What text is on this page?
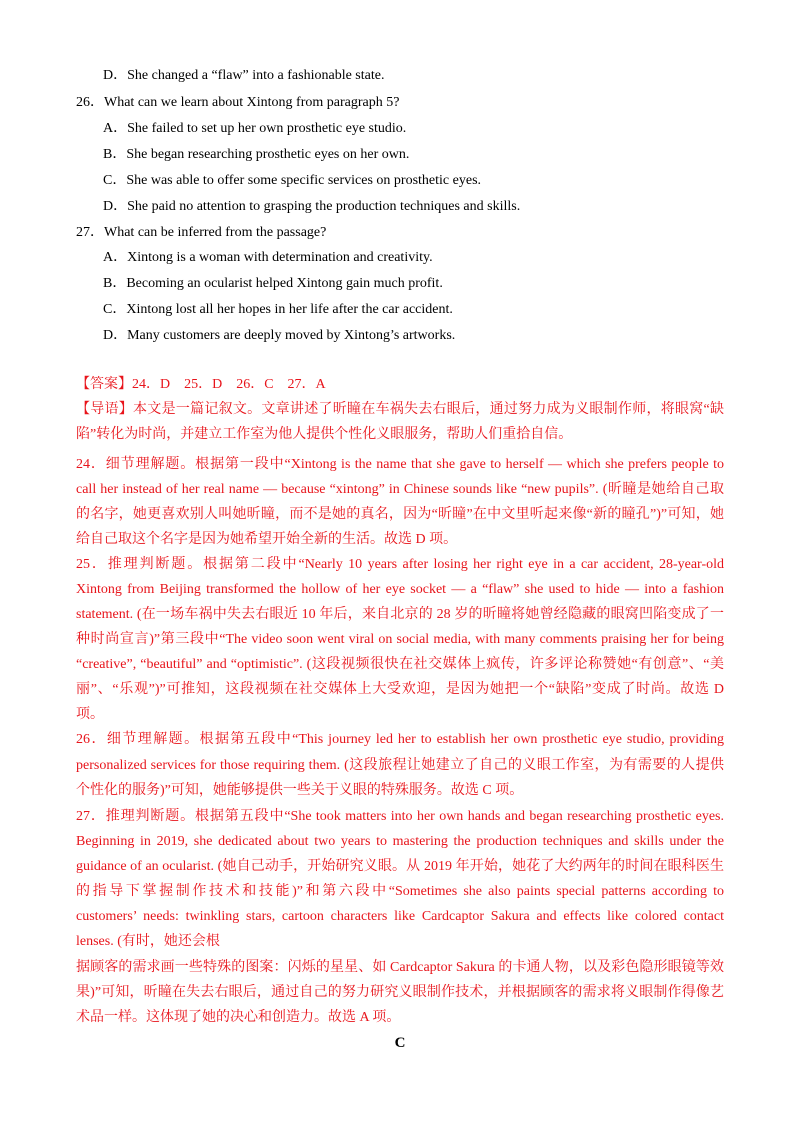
D．She changed a “flaw” into a fashionable state.
26．What can we learn about Xintong from paragraph 5?
A．She failed to set up her own prosthetic eye studio.
B．She began researching prosthetic eyes on her own.
C．She was able to offer some specific services on prosthetic eyes.
D．She paid no attention to grasping the production techniques and skills.
27．What can be inferred from the passage?
A．Xintong is a woman with determination and creativity.
B．Becoming an ocularist helped Xintong gain much profit.
C．Xintong lost all her hopes in her life after the car accident.
D．Many customers are deeply moved by Xintong’s artworks.
【答案】24．D　25．D　26．C　27．A
【导语】本文是一篇记叙文。文章讲述了昕瞳在车祸失去右眼后，通过努力成为义眼制作师，将眼窝“缺
陷”转化为时尚，并建立工作室为他人提供个性化义眼服务，帮助人们重拾自信。
24．细节理解题。根据第一段中“Xintong is the name that she gave to herself — which she prefers people to
call her instead of her real name — because “xintong” in Chinese sounds like “new pupils”. (昕瞳是她给自己取
的名字，她更喜欢别人叫她昕瞳，而不是她的真名，因为“昕瞳”在中文里听起来像“新的瞳孔”)”可知，她
给自己取这个名字是因为她希望开始全新的生活。故选 D 项。
25．推理判断题。根据第二段中“Nearly 10 years after losing her right eye in a car accident, 28-year-old
Xintong from Beijing transformed the hollow of her eye socket — a “flaw” she used to hide — into a fashion
statement. (在一场车祸中失去右眼近 10 年后，来自北京的 28 岁的昕瞳将她曾经隐藏的眼窝凹陷变成了一
种时尚宣言)”第三段中“The video soon went viral on social media, with many comments praising her for being
“creative”, “beautiful” and “optimistic”. (这段视频很快在社交媒体上疯传，许多评论称赞她“有创意”、“美
丽”、“乐观”)”可推知，这段视频在社交媒体上大受欢迎，是因为她把一个“缺陷”变成了时尚。故选 D
项。
26．细节理解题。根据第五段中“This journey led her to establish her own prosthetic eye studio, providing
personalized services for those requiring them. (这段旅程让她建立了自己的义眼工作室，为有需要的人提供
个性化的服务)”可知，她能够提供一些关于义眼的特殊服务。故选 C 项。
27．推理判断题。根据第五段中“She took matters into her own hands and began researching prosthetic eyes.
Beginning in 2019, she dedicated about two years to mastering the production techniques and skills under the
guidance of an ocularist. (她自己动手，开始研究义眼。从 2019 年开始，她花了大约两年的时间在眼科医生
的指导下掌握制作技术和技能)”和第六段中“Sometimes she also paints special patterns according to
customers’ needs: twinkling stars, cartoon characters like Cardcaptor Sakura and effects like colored contact
lenses. (有时，她还会根
据顾客的需求画一些特殊的图案：闪烁的星星、如 Cardcaptor Sakura 的卡通人物，以及彩色隐形眼镜等效
果)”可知，昕瞳在失去右眼后，通过自己的努力研究义眼制作技术，并根据顾客的需求将义眼制作得像艺
术品一样。这体现了她的决心和创造力。故选 A 项。
C
